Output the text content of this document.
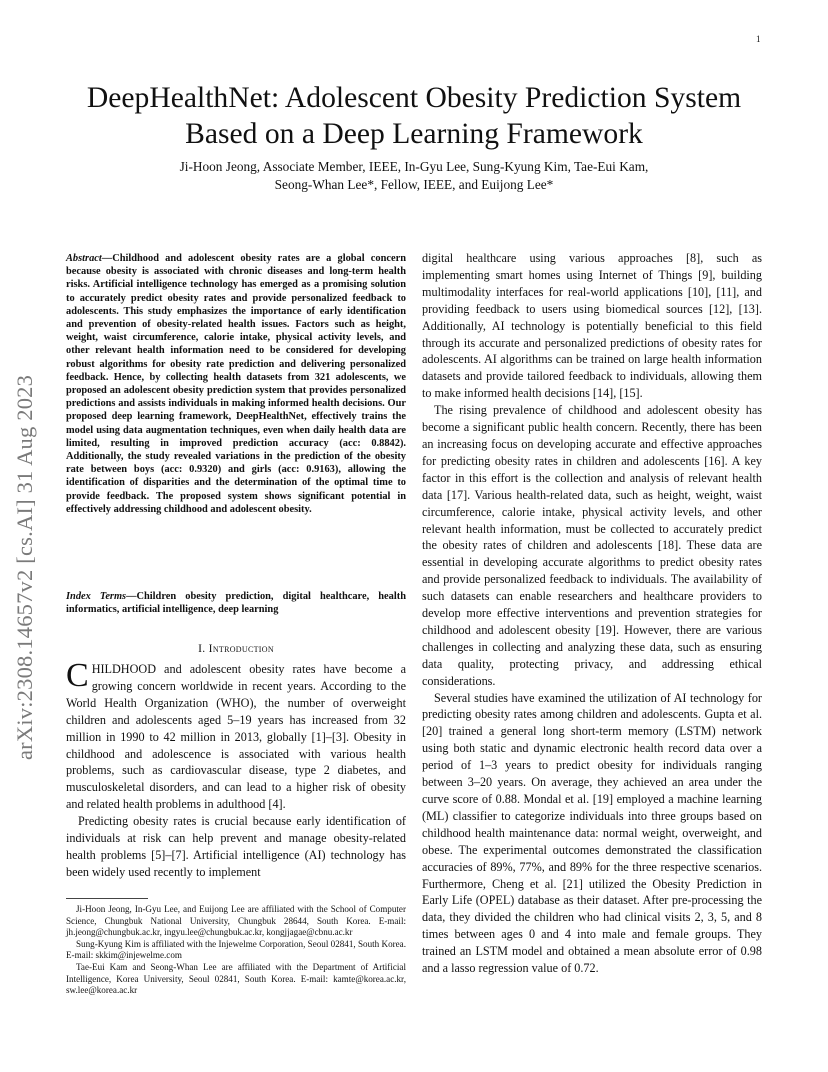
1
arXiv:2308.14657v2 [cs.AI] 31 Aug 2023
DeepHealthNet: Adolescent Obesity Prediction System Based on a Deep Learning Framework
Ji-Hoon Jeong, Associate Member, IEEE, In-Gyu Lee, Sung-Kyung Kim, Tae-Eui Kam,
Seong-Whan Lee*, Fellow, IEEE, and Euijong Lee*
Abstract—Childhood and adolescent obesity rates are a global concern because obesity is associated with chronic diseases and long-term health risks. Artificial intelligence technology has emerged as a promising solution to accurately predict obesity rates and provide personalized feedback to adolescents. This study emphasizes the importance of early identification and prevention of obesity-related health issues. Factors such as height, weight, waist circumference, calorie intake, physical activity levels, and other relevant health information need to be considered for developing robust algorithms for obesity rate prediction and delivering personalized feedback. Hence, by collecting health datasets from 321 adolescents, we proposed an adolescent obesity prediction system that provides personalized predictions and assists individuals in making informed health decisions. Our proposed deep learning framework, DeepHealthNet, effectively trains the model using data augmentation techniques, even when daily health data are limited, resulting in improved prediction accuracy (acc: 0.8842). Additionally, the study revealed variations in the prediction of the obesity rate between boys (acc: 0.9320) and girls (acc: 0.9163), allowing the identification of disparities and the determination of the optimal time to provide feedback. The proposed system shows significant potential in effectively addressing childhood and adolescent obesity.
Index Terms—Children obesity prediction, digital healthcare, health informatics, artificial intelligence, deep learning
I. Introduction

CHILDHOOD and adolescent obesity rates have become a growing concern worldwide in recent years. According to the World Health Organization (WHO), the number of overweight children and adolescents aged 5–19 years has increased from 32 million in 1990 to 42 million in 2013, globally [1]–[3]. Obesity in childhood and adolescence is associated with various health problems, such as cardiovascular disease, type 2 diabetes, and musculoskeletal disorders, and can lead to a higher risk of obesity and related health problems in adulthood [4].

Predicting obesity rates is crucial because early identification of individuals at risk can help prevent and manage obesity-related health problems [5]–[7]. Artificial intelligence (AI) technology has been widely used recently to implement

Ji-Hoon Jeong, In-Gyu Lee, and Euijong Lee are affiliated with the School of Computer Science, Chungbuk National University, Chungbuk 28644, South Korea. E-mail: jh.jeong@chungbuk.ac.kr, ingyu.lee@chungbuk.ac.kr, kongjjagae@cbnu.ac.kr

Sung-Kyung Kim is affiliated with the Injewelme Corporation, Seoul 02841, South Korea. E-mail: skkim@injewelme.com

Tae-Eui Kam and Seong-Whan Lee are affiliated with the Department of Artificial Intelligence, Korea University, Seoul 02841, South Korea. E-mail: kamte@korea.ac.kr, sw.lee@korea.ac.kr

digital healthcare using various approaches [8], such as implementing smart homes using Internet of Things [9], building multimodality interfaces for real-world applications [10], [11], and providing feedback to users using biomedical sources [12], [13]. Additionally, AI technology is potentially beneficial to this field through its accurate and personalized predictions of obesity rates for adolescents. AI algorithms can be trained on large health information datasets and provide tailored feedback to individuals, allowing them to make informed health decisions [14], [15].

The rising prevalence of childhood and adolescent obesity has become a significant public health concern. Recently, there has been an increasing focus on developing accurate and effective approaches for predicting obesity rates in children and adolescents [16]. A key factor in this effort is the collection and analysis of relevant health data [17]. Various health-related data, such as height, weight, waist circumference, calorie intake, physical activity levels, and other relevant health information, must be collected to accurately predict the obesity rates of children and adolescents [18]. These data are essential in developing accurate algorithms to predict obesity rates and provide personalized feedback to individuals. The availability of such datasets can enable researchers and healthcare providers to develop more effective interventions and prevention strategies for childhood and adolescent obesity [19]. However, there are various challenges in collecting and analyzing these data, such as ensuring data quality, protecting privacy, and addressing ethical considerations.

Several studies have examined the utilization of AI technology for predicting obesity rates among children and adolescents. Gupta et al. [20] trained a general long short-term memory (LSTM) network using both static and dynamic electronic health record data over a period of 1–3 years to predict obesity for individuals ranging between 3–20 years. On average, they achieved an area under the curve score of 0.88. Mondal et al. [19] employed a machine learning (ML) classifier to categorize individuals into three groups based on childhood health maintenance data: normal weight, overweight, and obese. The experimental outcomes demonstrated the classification accuracies of 89%, 77%, and 89% for the three respective scenarios. Furthermore, Cheng et al. [21] utilized the Obesity Prediction in Early Life (OPEL) database as their dataset. After pre-processing the data, they divided the children who had clinical visits 2, 3, 5, and 8 times between ages 0 and 4 into male and female groups. They trained an LSTM model and obtained a mean absolute error of 0.98 and a lasso regression value of 0.72.
